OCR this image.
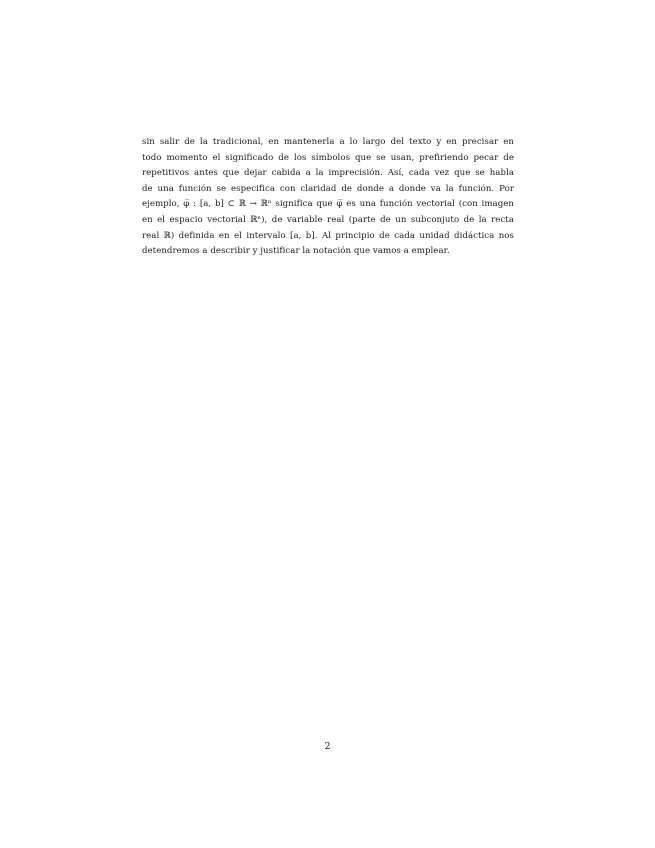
sin salir de la tradicional, en mantenerla a lo largo del texto y en precisar en
todo momento el significado de los símbolos que se usan, prefiriendo pecar de
repetitivos antes que dejar cabida a la imprecisión. Así, cada vez que se habla
de una función se especifica con claridad de donde a donde va la función. Por
ejemplo, φ̅ : [a, b] ⊂ ℝ → ℝⁿ significa que φ̅ es una función vectorial (con imagen
en el espacio vectorial ℝⁿ), de variable real (parte de un subconjuto de la recta
real ℝ) definida en el intervalo [a, b]. Al principio de cada unidad didáctica nos
detendremos a describir y justificar la notación que vamos a emplear.
2
